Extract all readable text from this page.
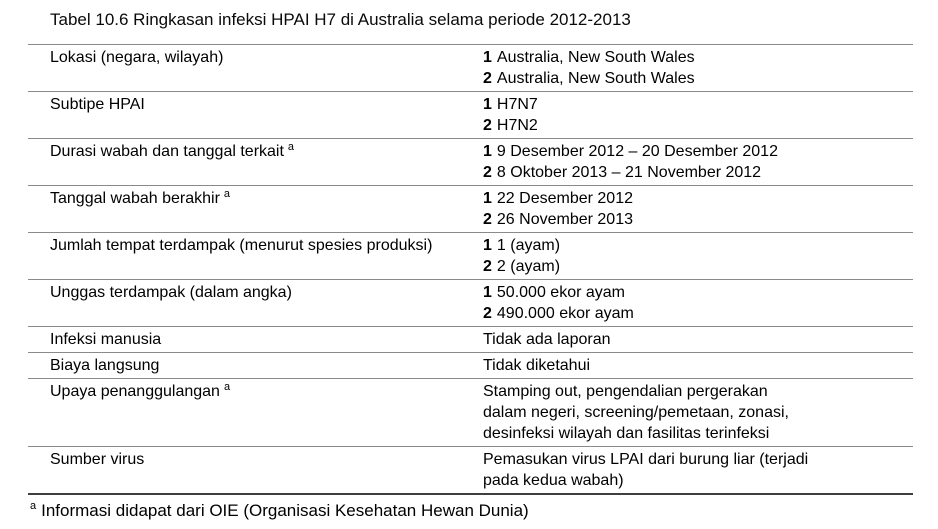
Tabel 10.6 Ringkasan infeksi HPAI H7 di Australia selama periode 2012-2013
Lokasi (negara, wilayah)	1 Australia, New South Wales
2 Australia, New South Wales
Subtipe HPAI	1 H7N7
2 H7N2
Durasi wabah dan tanggal terkait $^a$	1 9 Desember 2012 – 20 Desember 2012
2 8 Oktober 2013 – 21 November 2012
Tanggal wabah berakhir $^a$	1 22 Desember 2012
2 26 November 2013
Jumlah tempat terdampak (menurut spesies produksi)	1 1 (ayam)
2 2 (ayam)
Unggas terdampak (dalam angka)	1 50.000 ekor ayam
2 490.000 ekor ayam
Infeksi manusia	Tidak ada laporan
Biaya langsung	Tidak diketahui
Upaya penanggulangan $^a$	Stamping out, pengendalian pergerakan
dalam negeri, screening/pemetaan, zonasi,
desinfeksi wilayah dan fasilitas terinfeksi
Sumber virus	Pemasukan virus LPAI dari burung liar (terjadi
pada kedua wabah)
$^a$ Informasi didapat dari OIE (Organisasi Kesehatan Hewan Dunia)
